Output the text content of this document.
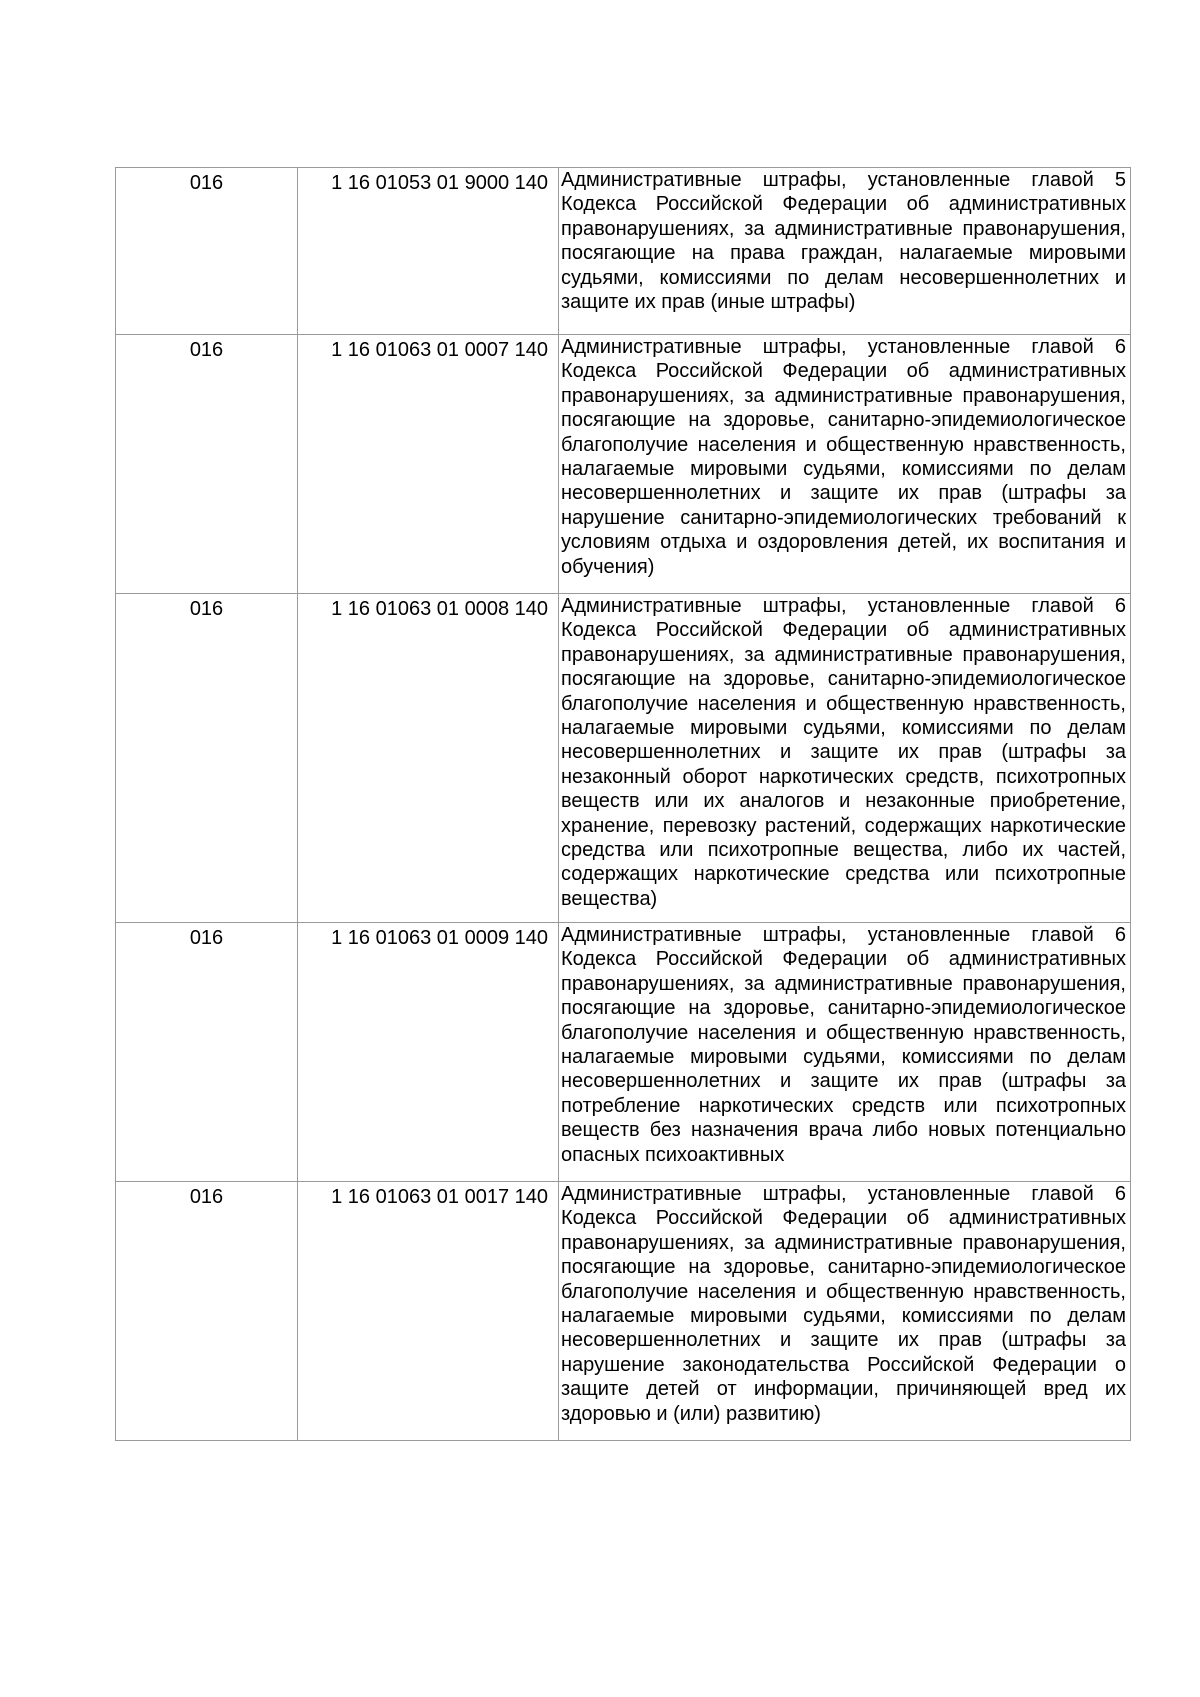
016	1 16 01053 01 9000 140	Административные штрафы, установленные главой 5 Кодекса Российской Федерации об административных правонарушениях, за административные правонарушения, посягающие на права граждан, налагаемые мировыми судьями, комиссиями по делам несовершеннолетних и защите их прав (иные штрафы)

016	1 16 01063 01 0007 140	Административные штрафы, установленные главой 6 Кодекса Российской Федерации об административных правонарушениях, за административные правонарушения, посягающие на здоровье, санитарно-эпидемиологическое благополучие населения и общественную нравственность, налагаемые мировыми судьями, комиссиями по делам несовершеннолетних и защите их прав (штрафы за нарушение санитарно-эпидемиологических требований к условиям отдыха и оздоровления детей, их воспитания и обучения)

016	1 16 01063 01 0008 140	Административные штрафы, установленные главой 6 Кодекса Российской Федерации об административных правонарушениях, за административные правонарушения, посягающие на здоровье, санитарно-эпидемиологическое благополучие населения и общественную нравственность, налагаемые мировыми судьями, комиссиями по делам несовершеннолетних и защите их прав (штрафы за незаконный оборот наркотических средств, психотропных веществ или их аналогов и незаконные приобретение, хранение, перевозку растений, содержащих наркотические средства или психотропные вещества, либо их частей, содержащих наркотические средства или психотропные вещества)

016	1 16 01063 01 0009 140	Административные штрафы, установленные главой 6 Кодекса Российской Федерации об административных правонарушениях, за административные правонарушения, посягающие на здоровье, санитарно-эпидемиологическое благополучие населения и общественную нравственность, налагаемые мировыми судьями, комиссиями по делам несовершеннолетних и защите их прав (штрафы за потребление наркотических средств или психотропных веществ без назначения врача либо новых потенциально опасных психоактивных

016	1 16 01063 01 0017 140	Административные штрафы, установленные главой 6 Кодекса Российской Федерации об административных правонарушениях, за административные правонарушения, посягающие на здоровье, санитарно-эпидемиологическое благополучие населения и общественную нравственность, налагаемые мировыми судьями, комиссиями по делам несовершеннолетних и защите их прав (штрафы за нарушение законодательства Российской Федерации о защите детей от информации, причиняющей вред их здоровью и (или) развитию)
